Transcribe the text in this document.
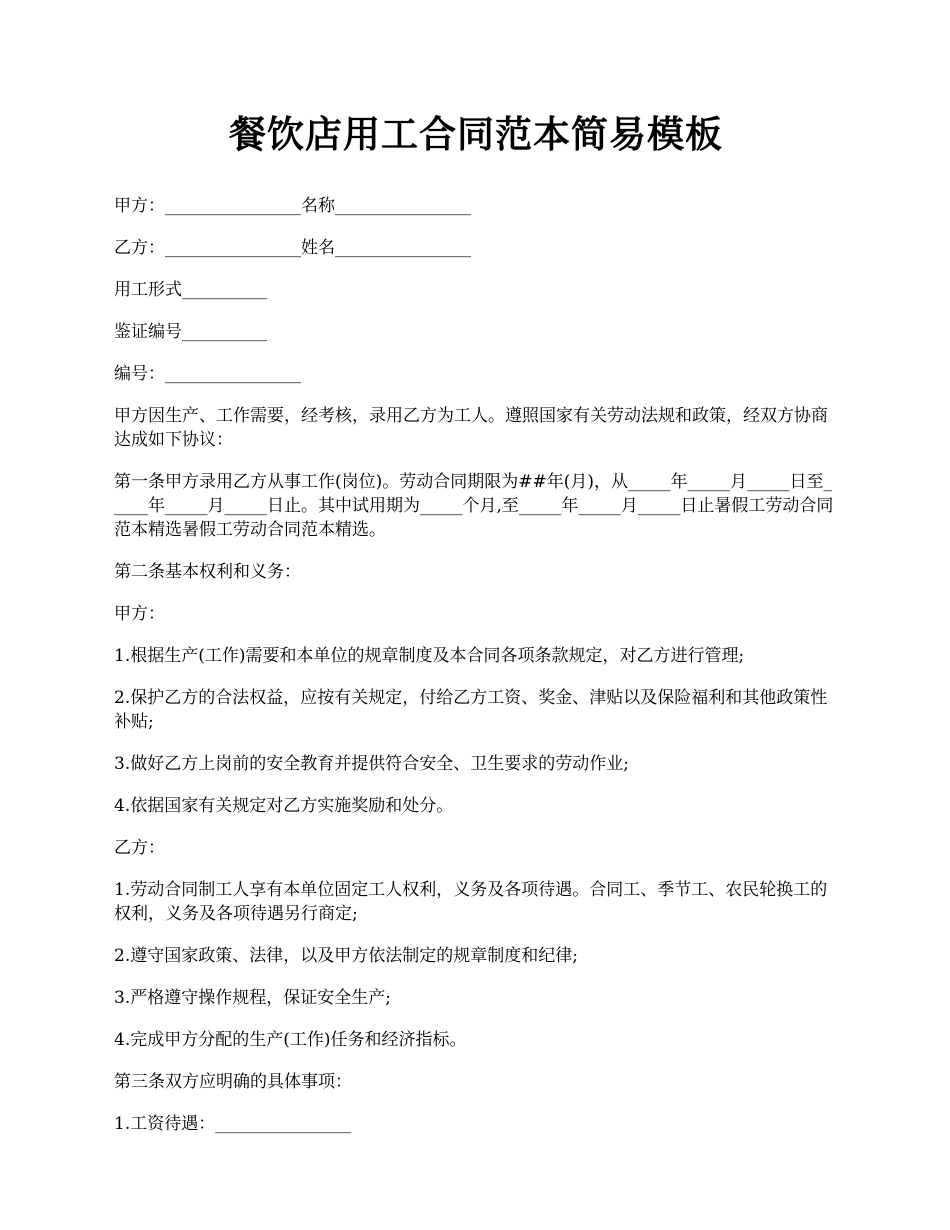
餐饮店用工合同范本简易模板

甲方：________________名称________________

乙方：________________姓名________________

用工形式__________

鉴证编号__________

编号：________________

甲方因生产、工作需要，经考核，录用乙方为工人。遵照国家有关劳动法规和政策，经双方协商达成如下协议：

第一条甲方录用乙方从事工作(岗位)。劳动合同期限为##年(月)，从_____年_____月_____日至_____年_____月_____日止。其中试用期为_____个月,至_____年_____月_____日止暑假工劳动合同范本精选暑假工劳动合同范本精选。

第二条基本权利和义务：

甲方：

1.根据生产(工作)需要和本单位的规章制度及本合同各项条款规定，对乙方进行管理;

2.保护乙方的合法权益，应按有关规定，付给乙方工资、奖金、津贴以及保险福利和其他政策性补贴;

3.做好乙方上岗前的安全教育并提供符合安全、卫生要求的劳动作业;

4.依据国家有关规定对乙方实施奖励和处分。

乙方：

1.劳动合同制工人享有本单位固定工人权利，义务及各项待遇。合同工、季节工、农民轮换工的权利，义务及各项待遇另行商定;

2.遵守国家政策、法律，以及甲方依法制定的规章制度和纪律;

3.严格遵守操作规程，保证安全生产;

4.完成甲方分配的生产(工作)任务和经济指标。

第三条双方应明确的具体事项：

1.工资待遇：________________
